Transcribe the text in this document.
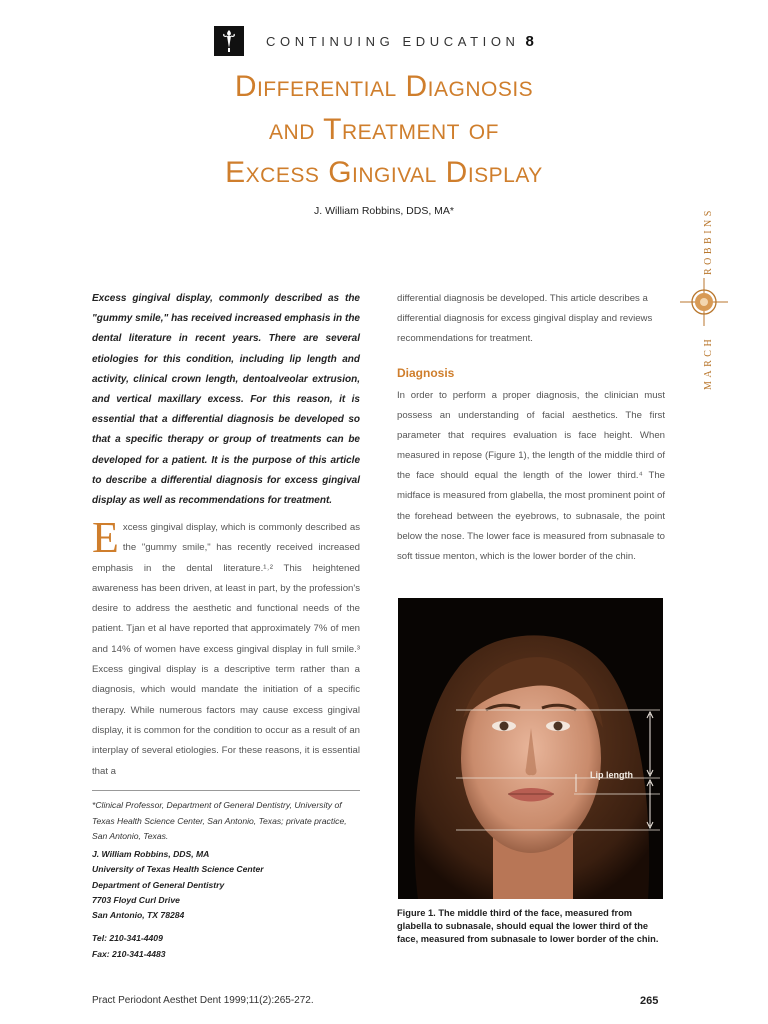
CONTINUING EDUCATION 8
Differential Diagnosis
and Treatment of
Excess Gingival Display
J. William Robbins, DDS, MA*	ROBBINS
MARCH
Excess gingival display, commonly described as the "gummy smile," has received increased emphasis in the dental literature in recent years. There are several etiologies for this condition, including lip length and activity, clinical crown length, dentoalveolar extrusion, and vertical maxillary excess. For this reason, it is essential that a differential diagnosis be developed so that a specific therapy or group of treatments can be developed for a patient. It is the purpose of this article to describe a differential diagnosis for excess gingival display as well as recommendations for treatment.
Excess gingival display, which is commonly described as the "gummy smile," has recently received increased emphasis in the dental literature.¹˒² This heightened awareness has been driven, at least in part, by the profession's desire to address the aesthetic and functional needs of the patient. Tjan et al have reported that approximately 7% of men and 14% of women have excess gingival display in full smile.³ Excess gingival display is a descriptive term rather than a diagnosis, which would mandate the initiation of a specific therapy. While numerous factors may cause excess gingival display, it is common for the condition to occur as a result of an interplay of several etiologies. For these reasons, it is essential that a
*Clinical Professor, Department of General Dentistry, University of Texas Health Science Center, San Antonio, Texas; private practice, San Antonio, Texas.
J. William Robbins, DDS, MA
University of Texas Health Science Center
Department of General Dentistry
7703 Floyd Curl Drive
San Antonio, TX 78284
Tel: 210-341-4409
Fax: 210-341-4483
differential diagnosis be developed. This article describes a differential diagnosis for excess gingival display and reviews recommendations for treatment.
Diagnosis
In order to perform a proper diagnosis, the clinician must possess an understanding of facial aesthetics. The first parameter that requires evaluation is face height. When measured in repose (Figure 1), the length of the middle third of the face should equal the length of the lower third.⁴ The midface is measured from glabella, the most prominent point of the forehead between the eyebrows, to subnasale, the point below the nose. The lower face is measured from subnasale to soft tissue menton, which is the lower border of the chin.
Lip length
Figure 1. The middle third of the face, measured from glabella to subnasale, should equal the lower third of the face, measured from subnasale to lower border of the chin.
Pract Periodont Aesthet Dent 1999;11(2):265-272.	265
